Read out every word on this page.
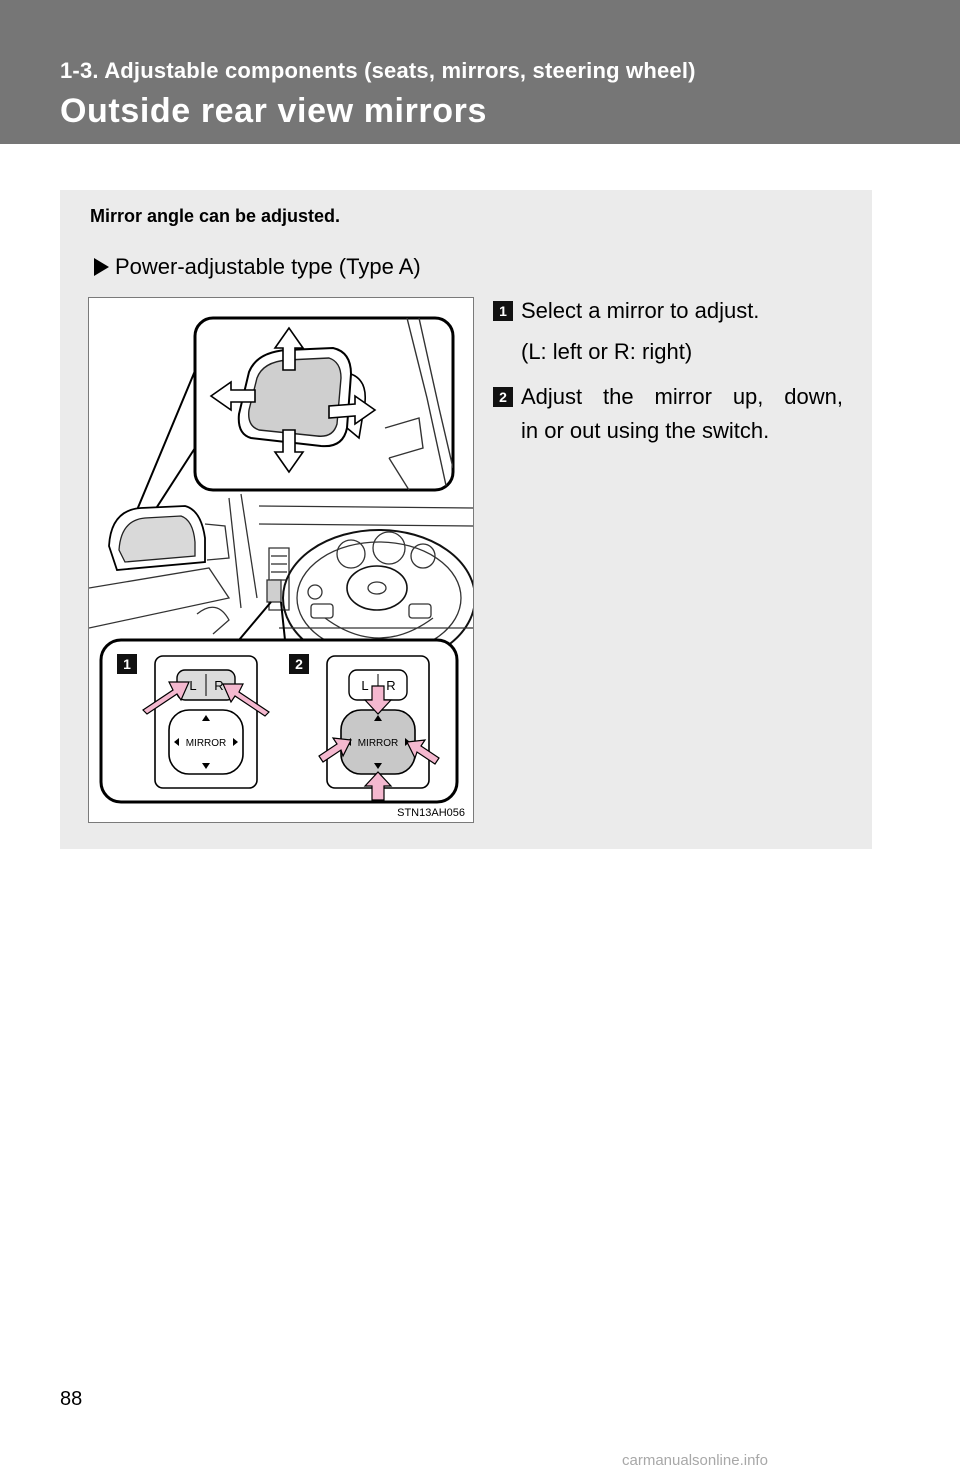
1-3. Adjustable components (seats, mirrors, steering wheel)

Outside rear view mirrors

Mirror angle can be adjusted.

Power-adjustable type (Type A)
1	2
L R
MIRROR
L R
MIRROR
STN13AH056
1 Select a mirror to adjust.

(L: left or R: right)

2 Adjust the mirror up, down,

in or out using the switch.

88

carmanualsonline.info
